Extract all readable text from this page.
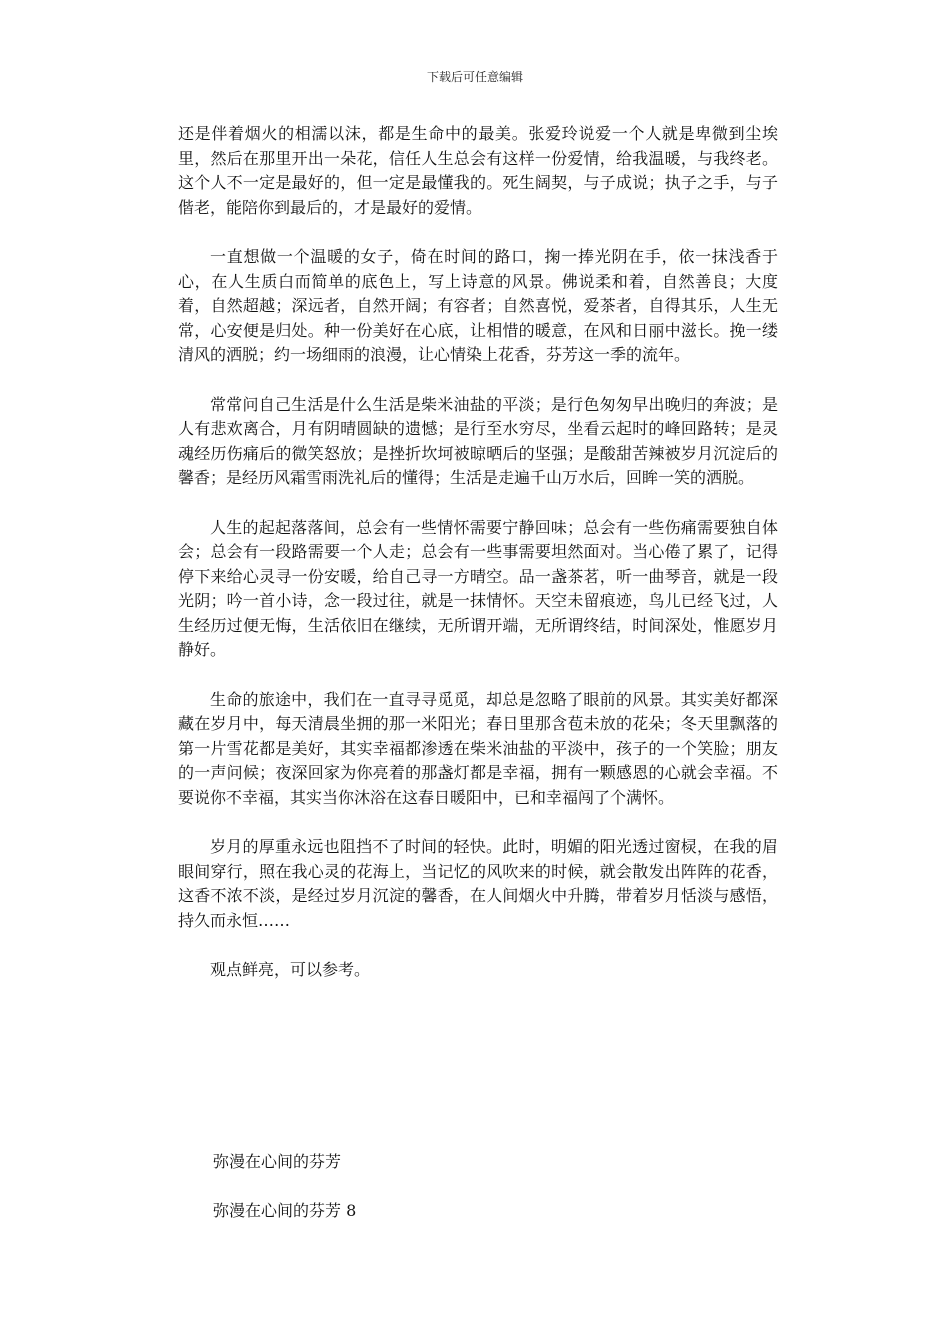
下载后可任意编辑

还是伴着烟火的相濡以沫，都是生命中的最美。张爱玲说爱一个人就是卑微到尘埃里，然后在那里开出一朵花，信任人生总会有这样一份爱情，给我温暖，与我终老。这个人不一定是最好的，但一定是最懂我的。死生阔契，与子成说；执子之手，与子偕老，能陪你到最后的，才是最好的爱情。

一直想做一个温暖的女子，倚在时间的路口，掬一捧光阴在手，依一抹浅香于心，在人生质白而简单的底色上，写上诗意的风景。佛说柔和着，自然善良；大度着，自然超越；深远者，自然开阔；有容者；自然喜悦，爱茶者，自得其乐，人生无常，心安便是归处。种一份美好在心底，让相惜的暖意，在风和日丽中滋长。挽一缕清风的洒脱；约一场细雨的浪漫，让心情染上花香，芬芳这一季的流年。

常常问自己生活是什么生活是柴米油盐的平淡；是行色匆匆早出晚归的奔波；是人有悲欢离合，月有阴晴圆缺的遗憾；是行至水穷尽，坐看云起时的峰回路转；是灵魂经历伤痛后的微笑怒放；是挫折坎坷被晾晒后的坚强；是酸甜苦辣被岁月沉淀后的馨香；是经历风霜雪雨洗礼后的懂得；生活是走遍千山万水后，回眸一笑的洒脱。

人生的起起落落间，总会有一些情怀需要宁静回味；总会有一些伤痛需要独自体会；总会有一段路需要一个人走；总会有一些事需要坦然面对。当心倦了累了，记得停下来给心灵寻一份安暖，给自己寻一方晴空。品一盏茶茗，听一曲琴音，就是一段光阴；吟一首小诗，念一段过往，就是一抹情怀。天空未留痕迹，鸟儿已经飞过，人生经历过便无悔，生活依旧在继续，无所谓开端，无所谓终结，时间深处，惟愿岁月静好。

生命的旅途中，我们在一直寻寻觅觅，却总是忽略了眼前的风景。其实美好都深藏在岁月中，每天清晨坐拥的那一米阳光；春日里那含苞未放的花朵；冬天里飘落的第一片雪花都是美好，其实幸福都渗透在柴米油盐的平淡中，孩子的一个笑脸；朋友的一声问候；夜深回家为你亮着的那盏灯都是幸福，拥有一颗感恩的心就会幸福。不要说你不幸福，其实当你沐浴在这春日暖阳中，已和幸福闯了个满怀。

岁月的厚重永远也阻挡不了时间的轻快。此时，明媚的阳光透过窗棂，在我的眉眼间穿行，照在我心灵的花海上，当记忆的风吹来的时候，就会散发出阵阵的花香，这香不浓不淡，是经过岁月沉淀的馨香，在人间烟火中升腾，带着岁月恬淡与感悟，持久而永恒……

观点鲜亮，可以参考。

弥漫在心间的芬芳
弥漫在心间的芬芳 8
